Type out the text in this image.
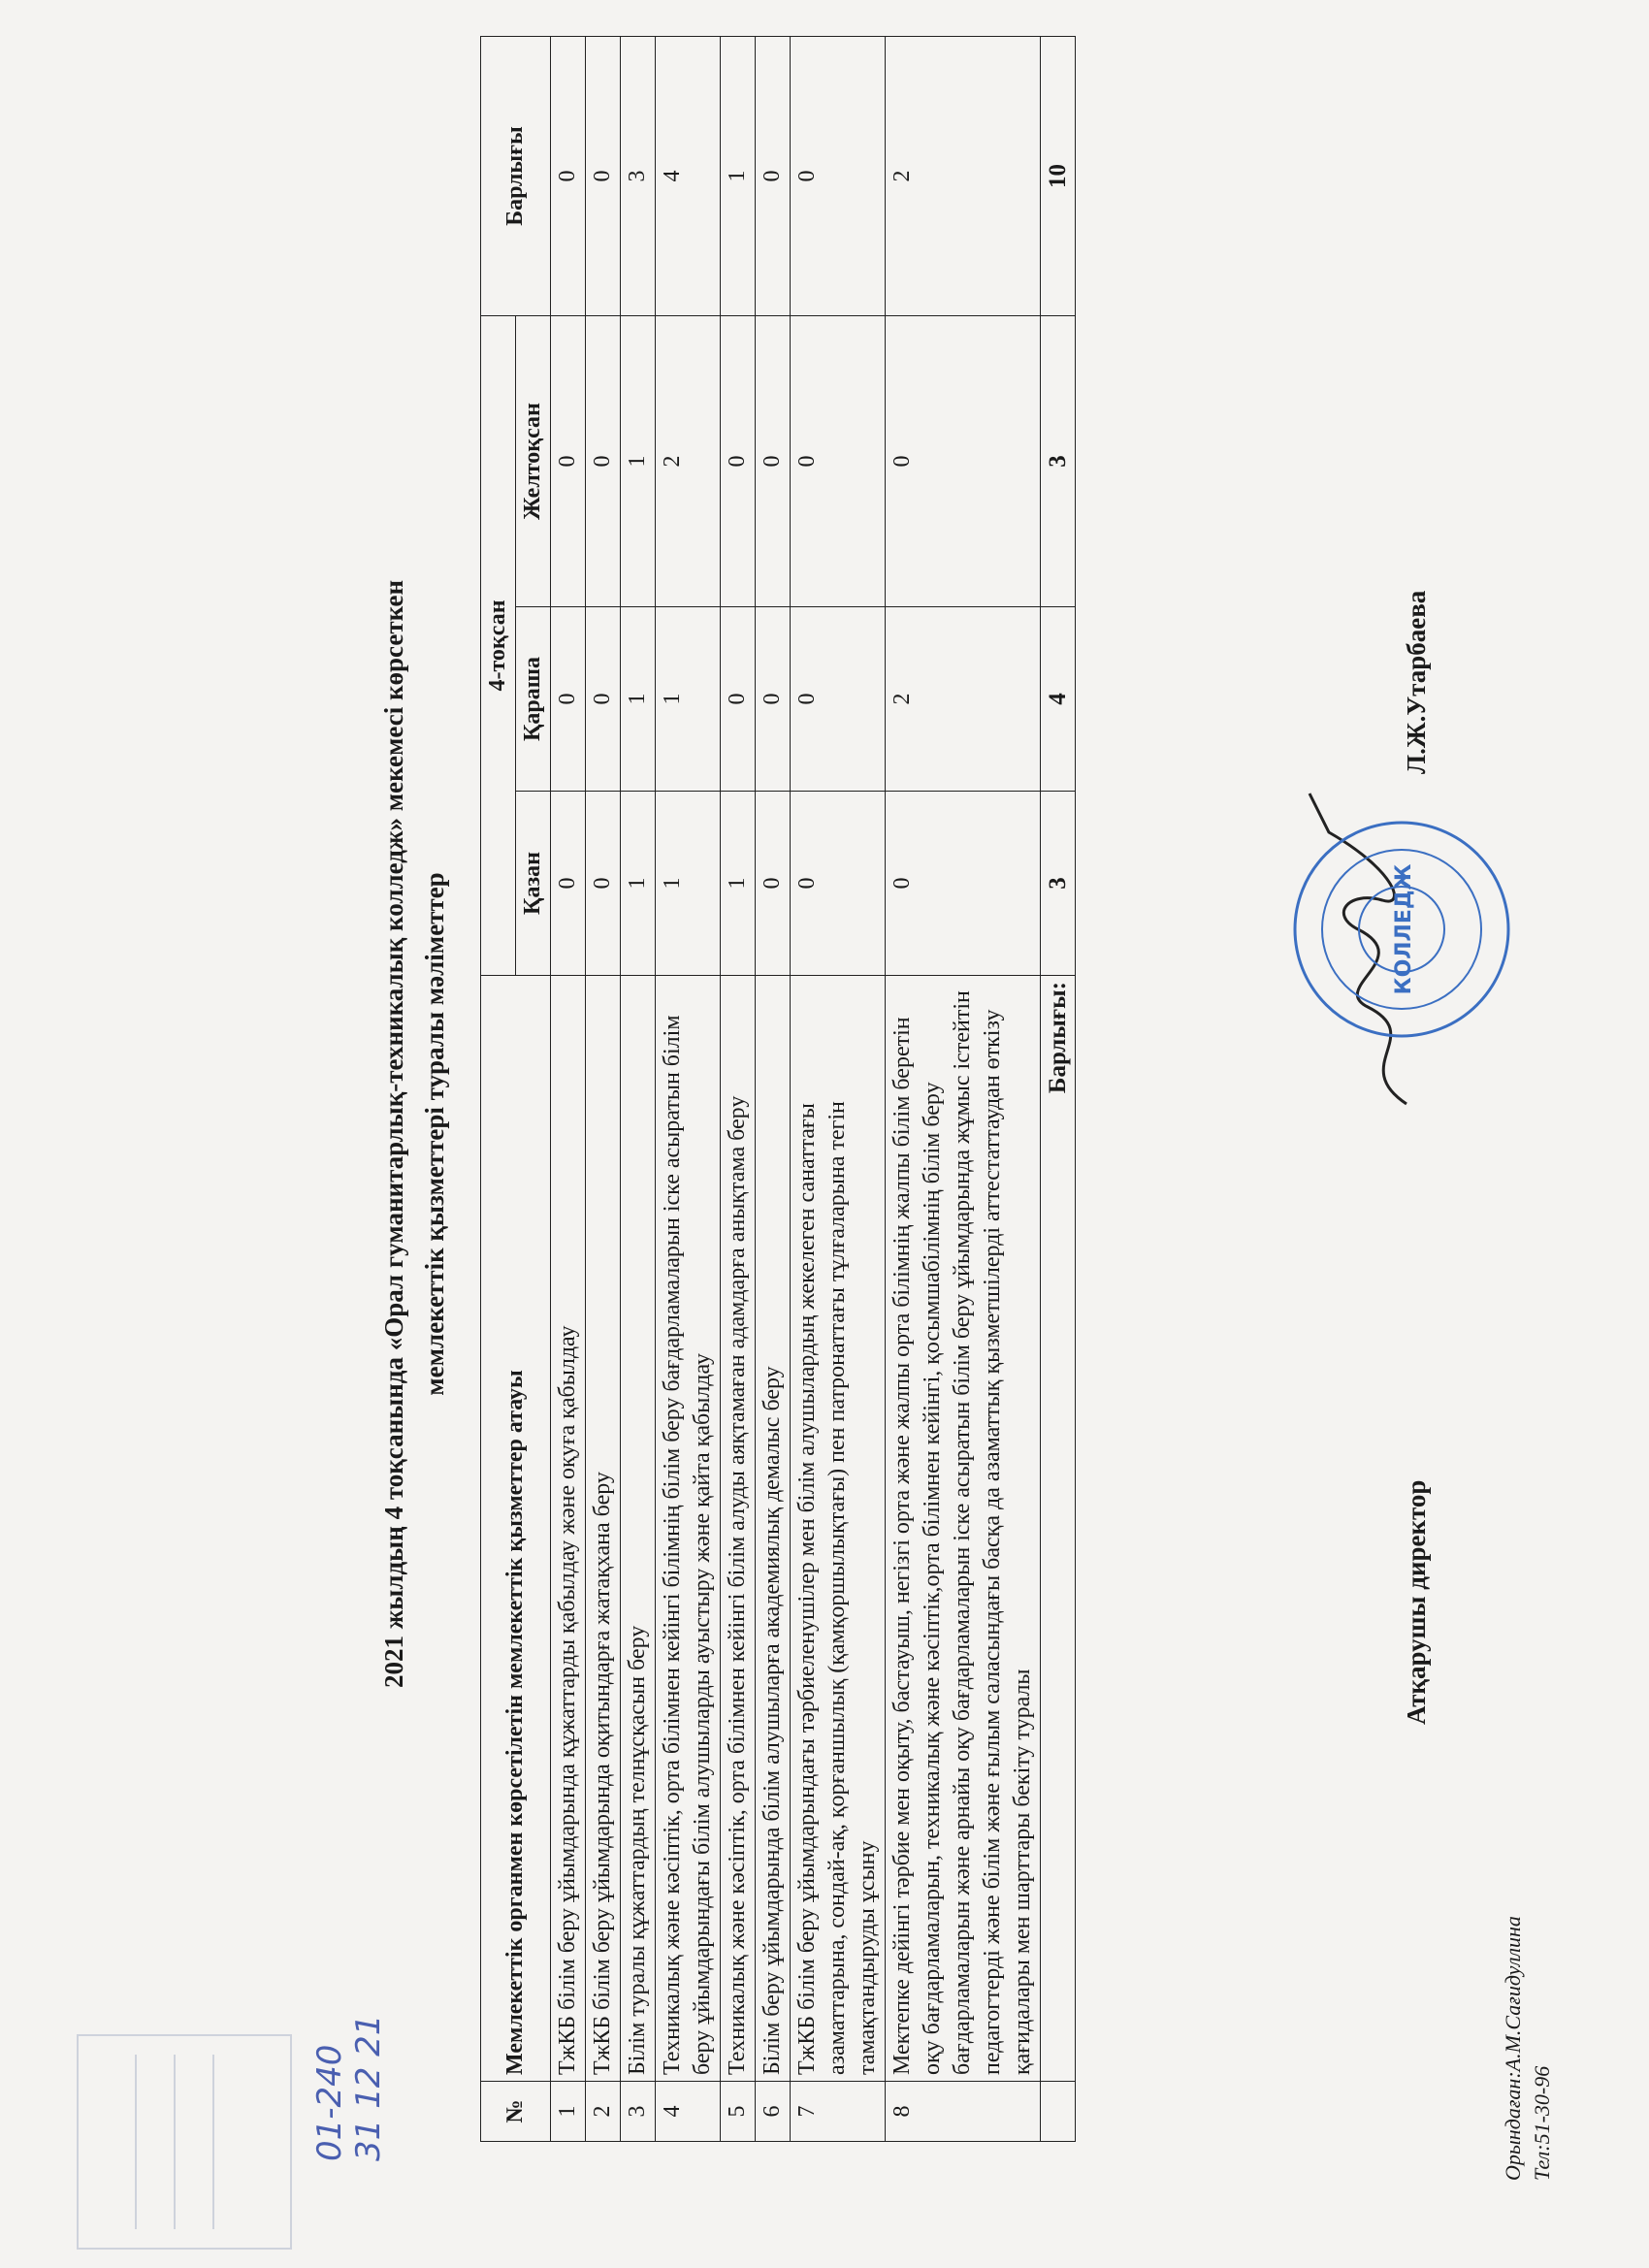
2021 жылдың 4 тоқсанында «Орал гуманитарлық-техникалық колледж» мекемесі көрсеткен мемлекеттік қызметтері туралы мәліметтер
№	Мемлекеттік органмен көрсетілетін мемлекеттік қызметтер атауы	4-тоқсан			Барлығы
		Қазан	Қараша	Желтоқсан	
1	ТжКБ білім беру ұйымдарында құжаттарды қабылдау және оқуға қабылдау	0	0	0	0
2	ТжКБ білім беру ұйымдарында оқитындарға жатақхана беру	0	0	0	0
3	Білім туралы құжаттардың телнұсқасын беру	1	1	1	3
4	Техникалық және кәсіптік, орта білімнен кейінгі білімнің білім беру бағдарламаларын іске асыратын білім беру ұйымдарындағы білім алушыларды ауыстыру және қайта қабылдау	1	1	2	4
5	Техникалық және кәсіптік, орта білімнен кейінгі білім алуды аяқтамаған адамдарға анықтама беру	1	0	0	1
6	Білім беру ұйымдарында білім алушыларға академиялық демалыс беру	0	0	0	0
7	ТжКБ білім беру ұйымдарындағы тәрбиеленушілер мен білім алушылардың жекелеген санаттағы азаматтарына, сондай-ақ, қорғаншылық (қамқоршылықтағы) пен патронаттағы тұлғаларына тегін тамақтандыруды ұсыну	0	0	0	0
8	Мектепке дейінгі тәрбие мен оқыту, бастауыш, негізгі орта және жалпы орта білімнің жалпы білім беретін оқу бағдарламаларын, техникалық және кәсіптік,орта білімнен кейінгі, қосымшабілімнің білім беру бағдарламаларын және арнайы оқу бағдарламаларын іске асыратын білім беру ұйымдарында жұмыс істейтін педагогтерді және білім және ғылым саласындағы басқа да азаматтық қызметшілерді аттестаттаудан өткізу қағидалары мен шарттары бекіту туралы	0	2	0	2
	Барлығы:	3	4	3	10
Атқарушы директор
Л.Ж.Утарбаева
КОЛЛЕДЖ
01-240 31 12 21	Орындаған:А.М.Сағидуллина Тел:51-30-96
